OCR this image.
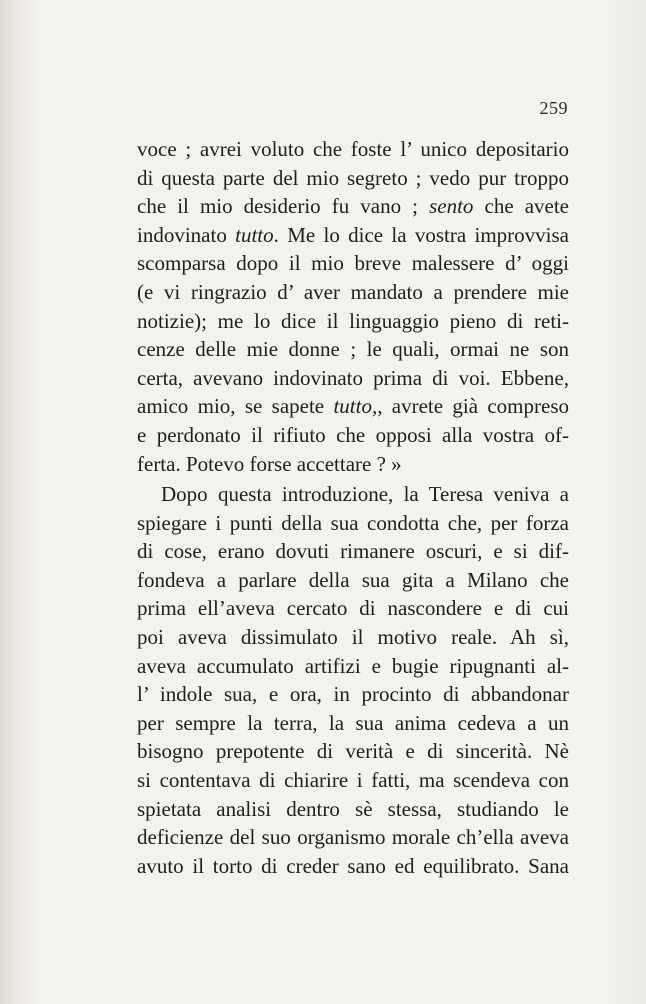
259
voce ; avrei voluto che foste l’ unico depositario
di questa parte del mio segreto ; vedo pur troppo
che il mio desiderio fu vano ; sento che avete
indovinato tutto. Me lo dice la vostra improvvisa
scomparsa dopo il mio breve malessere d’ oggi
(e vi ringrazio d’ aver mandato a prendere mie
notizie); me lo dice il linguaggio pieno di reti-
cenze delle mie donne ; le quali, ormai ne son
certa, avevano indovinato prima di voi. Ebbene,
amico mio, se sapete tutto,, avrete già compreso
e perdonato il rifiuto che opposi alla vostra of-
ferta. Potevo forse accettare ? »
Dopo questa introduzione, la Teresa veniva a
spiegare i punti della sua condotta che, per forza
di cose, erano dovuti rimanere oscuri, e si dif-
fondeva a parlare della sua gita a Milano che
prima ell’aveva cercato di nascondere e di cui
poi aveva dissimulato il motivo reale. Ah sì,
aveva accumulato artifizi e bugie ripugnanti al-
l’ indole sua, e ora, in procinto di abbandonar
per sempre la terra, la sua anima cedeva a un
bisogno prepotente di verità e di sincerità. Nè
si contentava di chiarire i fatti, ma scendeva con
spietata analisi dentro sè stessa, studiando le
deficienze del suo organismo morale ch’ella aveva
avuto il torto di creder sano ed equilibrato. Sana
